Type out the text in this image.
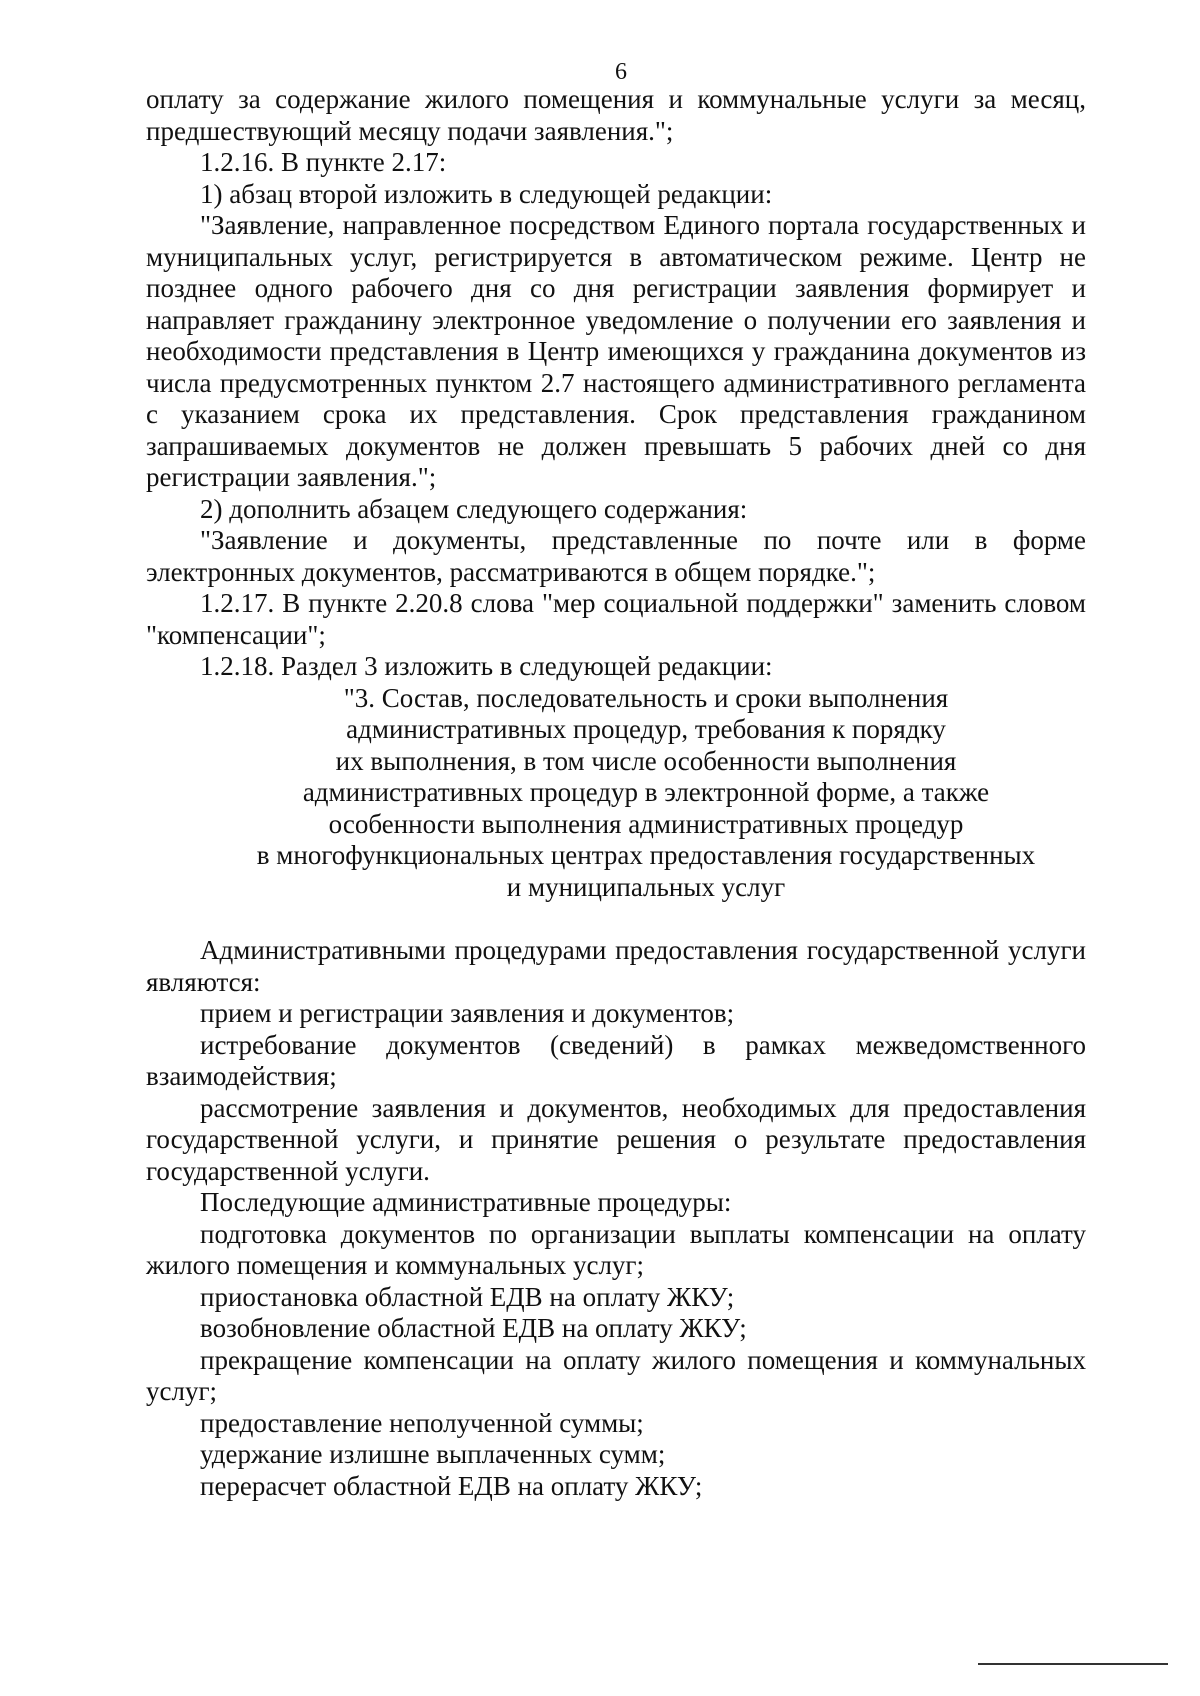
6

оплату за содержание жилого помещения и коммунальные услуги за месяц, предшествующий месяцу подачи заявления.";

1.2.16. В пункте 2.17:

1) абзац второй изложить в следующей редакции:

"Заявление, направленное посредством Единого портала государственных и муниципальных услуг, регистрируется в автоматическом режиме. Центр не позднее одного рабочего дня со дня регистрации заявления формирует и направляет гражданину электронное уведомление о получении его заявления и необходимости представления в Центр имеющихся у гражданина документов из числа предусмотренных пунктом 2.7 настоящего административного регламента с указанием срока их представления. Срок представления гражданином запрашиваемых документов не должен превышать 5 рабочих дней со дня регистрации заявления.";

2) дополнить абзацем следующего содержания:

"Заявление и документы, представленные по почте или в форме электронных документов, рассматриваются в общем порядке.";

1.2.17. В пункте 2.20.8 слова "мер социальной поддержки" заменить словом "компенсации";

1.2.18. Раздел 3 изложить в следующей редакции:

"3. Состав, последовательность и сроки выполнения
административных процедур, требования к порядку
их выполнения, в том числе особенности выполнения
административных процедур в электронной форме, а также
особенности выполнения административных процедур
в многофункциональных центрах предоставления государственных
и муниципальных услуг

Административными процедурами предоставления государственной услуги являются:

прием и регистрации заявления и документов;

истребование документов (сведений) в рамках межведомственного взаимодействия;

рассмотрение заявления и документов, необходимых для предоставления государственной услуги, и принятие решения о результате предоставления государственной услуги.

Последующие административные процедуры:

подготовка документов по организации выплаты компенсации на оплату жилого помещения и коммунальных услуг;

приостановка областной ЕДВ на оплату ЖКУ;

возобновление областной ЕДВ на оплату ЖКУ;

прекращение компенсации на оплату жилого помещения и коммунальных услуг;

предоставление неполученной суммы;

удержание излишне выплаченных сумм;

перерасчет областной ЕДВ на оплату ЖКУ;
